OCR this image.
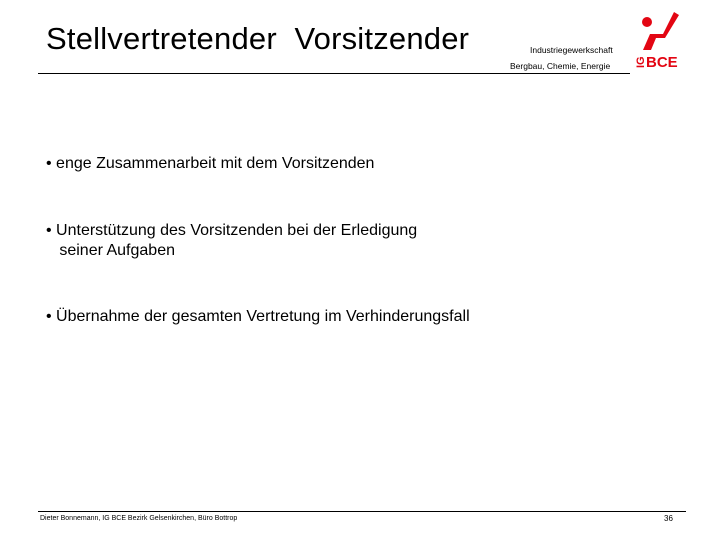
Stellvertretender  Vorsitzender	Industriegewerkschaft
Bergbau, Chemie, Energie IG BCE
• enge Zusammenarbeit mit dem Vorsitzenden
• Unterstützung des Vorsitzenden bei der Erledigung
seiner Aufgaben
• Übernahme der gesamten Vertretung im Verhinderungsfall
Dieter Bonnemann, IG BCE Bezirk Gelsenkirchen, Büro Bottrop	36
